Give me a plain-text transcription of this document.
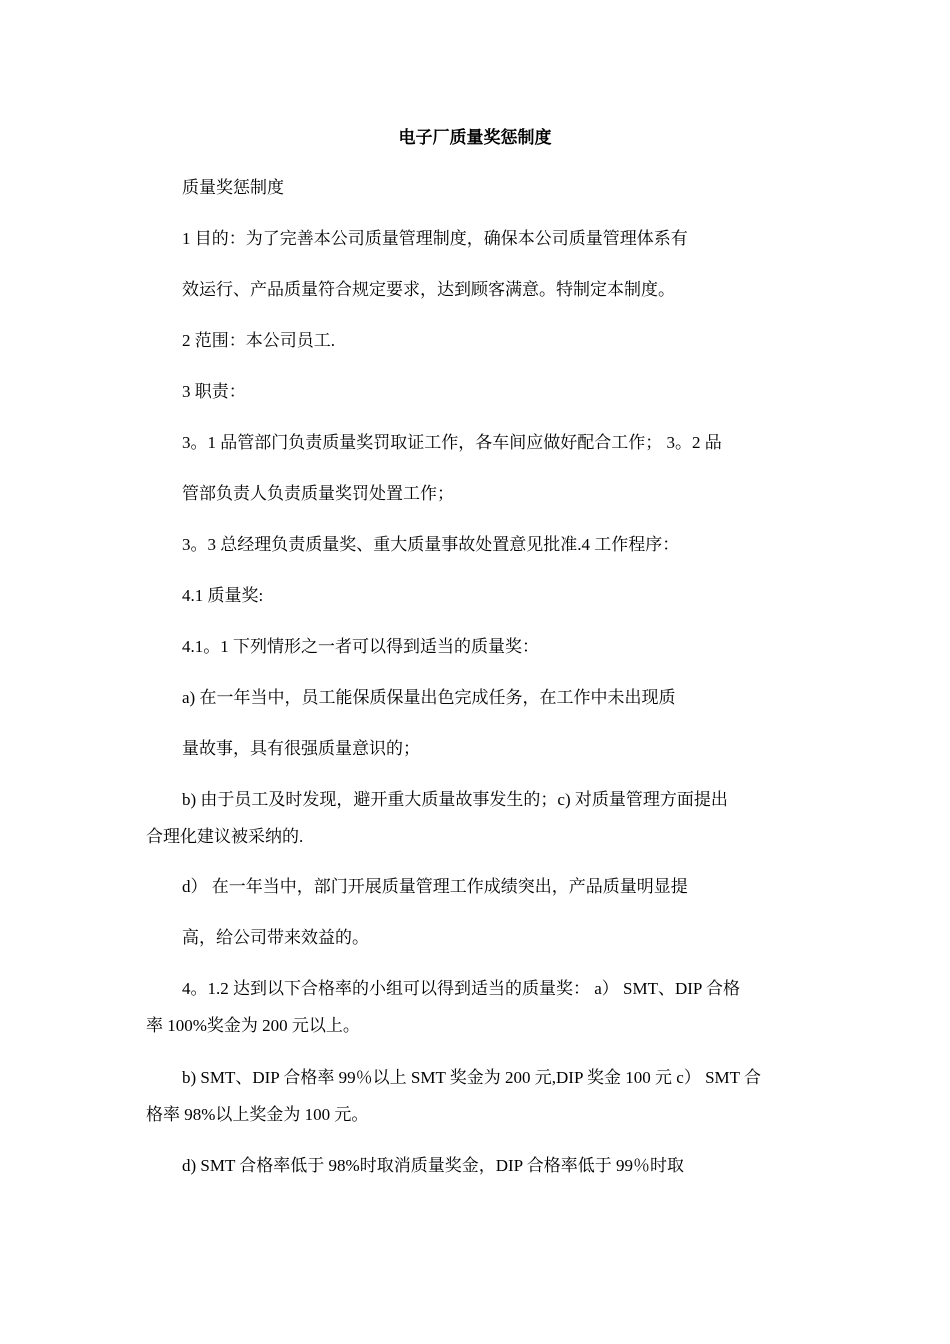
电子厂质量奖惩制度
质量奖惩制度
1 目的：为了完善本公司质量管理制度，确保本公司质量管理体系有
效运行、产品质量符合规定要求，达到顾客满意。特制定本制度。
2 范围：本公司员工.
3 职责：
3。1 品管部门负责质量奖罚取证工作，各车间应做好配合工作； 3。2 品
管部负责人负责质量奖罚处置工作；
3。3 总经理负责质量奖、重大质量事故处置意见批准.4 工作程序：
4.1 质量奖:
4.1。1 下列情形之一者可以得到适当的质量奖：
a) 在一年当中，员工能保质保量出色完成任务，在工作中未出现质
量故事，具有很强质量意识的；
b) 由于员工及时发现，避开重大质量故事发生的；c) 对质量管理方面提出
合理化建议被采纳的.
d） 在一年当中，部门开展质量管理工作成绩突出，产品质量明显提
高，给公司带来效益的。
4。1.2 达到以下合格率的小组可以得到适当的质量奖： a） SMT、DIP 合格
率 100%奖金为 200 元以上。
b) SMT、DIP 合格率 99％以上 SMT 奖金为 200 元,DIP 奖金 100 元 c） SMT 合
格率 98%以上奖金为 100 元。
d) SMT 合格率低于 98%时取消质量奖金，DIP 合格率低于 99％时取
